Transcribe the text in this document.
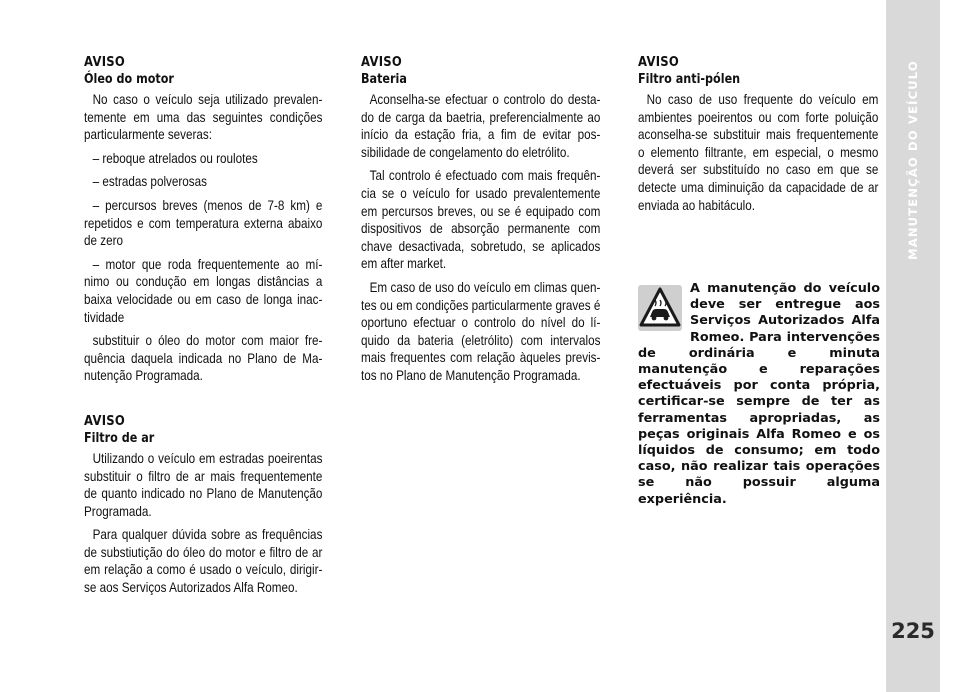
AVISO
Óleo do motor

No caso o veículo seja utilizado prevalentemente em uma das seguintes condições particularmente severas:

– reboque atrelados ou roulotes

– estradas polverosas

– percursos breves (menos de 7-8 km) e repetidos e com temperatura externa abaixo de zero

– motor que roda frequentemente ao mínimo ou condução em longas distâncias a baixa velocidade ou em caso de longa inactividade

substituir o óleo do motor com maior frequência daquela indicada no Plano de Manutenção Programada.

AVISO
Filtro de ar

Utilizando o veículo em estradas poeirentas substituir o filtro de ar mais frequentemente de quanto indicado no Plano de Manutenção Programada.

Para qualquer dúvida sobre as frequências de substiutição do óleo do motor e filtro de ar em relação a como é usado o veículo, dirigir-se aos Serviços Autorizados Alfa Romeo.

AVISO
Bateria

Aconselha-se efectuar o controlo do destado de carga da baetria, preferencialmente ao início da estação fria, a fim de evitar possibilidade de congelamento do eletrólito.

Tal controlo é efectuado com mais frequência se o veículo for usado prevalentemente em percursos breves, ou se é equipado com dispositivos de absorção permanente com chave desactivada, sobretudo, se aplicados em after market.

Em caso de uso do veículo em climas quentes ou em condições particularmente graves é oportuno efectuar o controlo do nível do líquido da bateria (eletrólito) com intervalos mais frequentes com relação àqueles previstos no Plano de Manutenção Programada.

AVISO
Filtro anti-pólen

No caso de uso frequente do veículo em ambientes poeirentos ou com forte poluição aconselha-se substituir mais frequentemente o elemento filtrante, em especial, o mesmo deverá ser substituído no caso em que se detecte uma diminuição da capacidade de ar enviada ao habitáculo.

A manutenção do veículo deve ser entregue aos Serviços Autorizados Alfa Romeo. Para intervenções de ordinária e minuta manutenção e reparações efectuáveis por conta própria, certificar-se sempre de ter as ferramentas apropriadas, as peças originais Alfa Romeo e os líquidos de consumo; em todo caso, não realizar tais operações se não possuir alguma experiência.
MANUTENÇÃO DO VEÍCULO
225
